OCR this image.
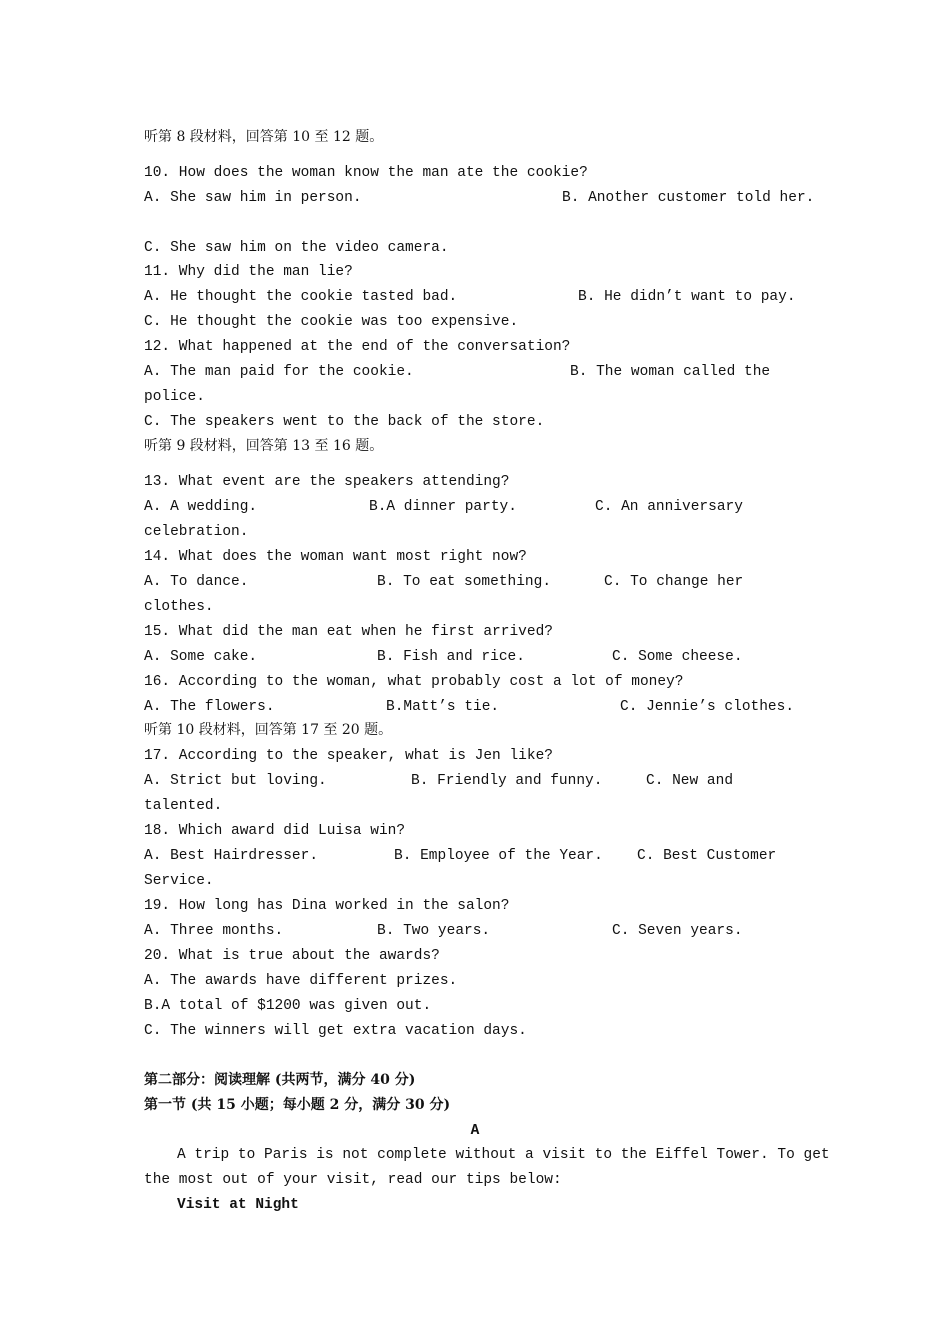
听第 8 段材料，回答第 10 至 12 题。
10. How does the woman know the man ate the cookie?
A. She saw him in person.	B. Another customer told her.
C. She saw him on the video camera.
11. Why did the man lie?
A. He thought the cookie tasted bad.	B. He didn’t want to pay.
C. He thought the cookie was too expensive.
12. What happened at the end of the conversation?
A. The man paid for the cookie.	B. The woman called the
police.
C. The speakers went to the back of the store.
听第 9 段材料，回答第 13 至 16 题。
13. What event are the speakers attending?
A. A wedding.	B.A dinner party.	C. An anniversary
celebration.
14. What does the woman want most right now?
A. To dance.	B. To eat something.	C. To change her
clothes.
15. What did the man eat when he first arrived?
A. Some cake.	B. Fish and rice.	C. Some cheese.
16. According to the woman, what probably cost a lot of money?
A. The flowers.	B.Matt’s tie.	C. Jennie’s clothes.
听第 10 段材料，回答第 17 至 20 题。
17. According to the speaker, what is Jen like?
A. Strict but loving.	B. Friendly and funny.	C. New and
talented.
18. Which award did Luisa win?
A. Best Hairdresser.	B. Employee of the Year. C. Best Customer
Service.
19. How long has Dina worked in the salon?
A. Three months.	B. Two years.	C. Seven years.
20. What is true about the awards?
A. The awards have different prizes.
B.A total of $1200 was given out.
C. The winners will get extra vacation days.
第二部分：阅读理解 (共两节，满分 40 分)
第一节 (共 15 小题；每小题 2 分，满分 30 分)
A
A trip to Paris is not complete without a visit to the Eiffel Tower. To get
the most out of your visit, read our tips below:
Visit at Night
